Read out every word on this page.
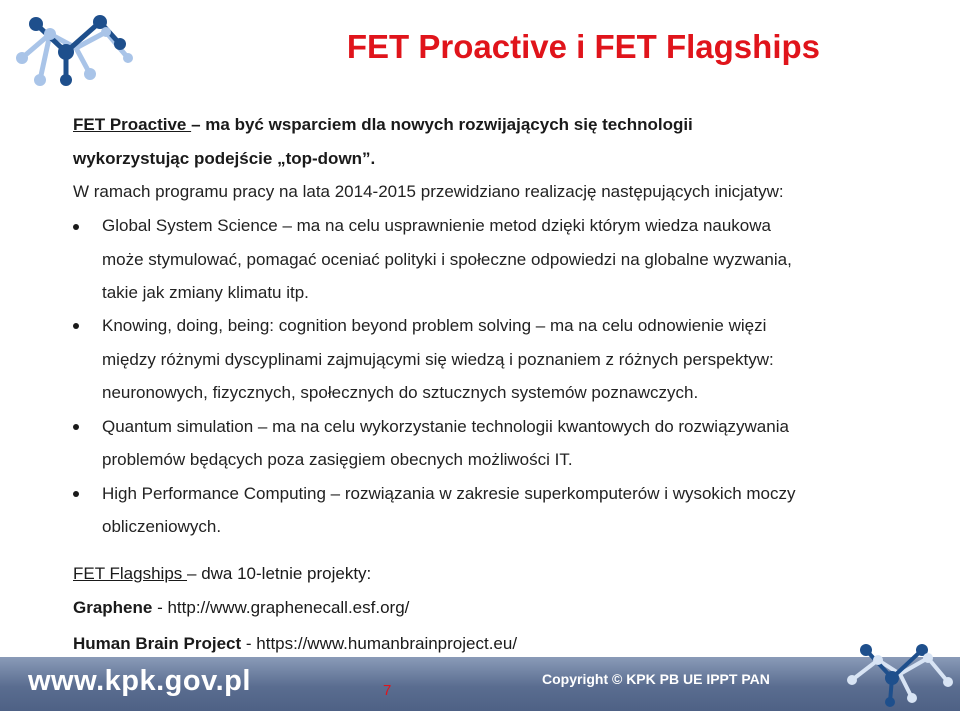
FET Proactive i FET Flagships
FET Proactive – ma być wsparciem dla nowych rozwijających się technologii
wykorzystując podejście „top-down”.
W ramach programu pracy na lata 2014-2015 przewidziano realizację następujących inicjatyw:
Global System Science – ma na celu usprawnienie metod dzięki którym wiedza naukowa
może stymulować, pomagać oceniać polityki i społeczne odpowiedzi na globalne wyzwania,
takie jak zmiany klimatu itp.
Knowing, doing, being: cognition beyond problem solving – ma na celu odnowienie więzi
między różnymi dyscyplinami zajmującymi się wiedzą i poznaniem z różnych perspektyw:
neuronowych, fizycznych, społecznych do sztucznych systemów poznawczych.
Quantum simulation – ma na celu wykorzystanie technologii kwantowych do rozwiązywania
problemów będących poza zasięgiem obecnych możliwości IT.
High Performance Computing – rozwiązania w zakresie superkomputerów i wysokich moczy
obliczeniowych.
FET Flagships – dwa 10-letnie projekty:
Graphene - http://www.graphenecall.esf.org/
Human Brain Project - https://www.humanbrainproject.eu/
www.kpk.gov.pl	7
Copyright © KPK PB UE IPPT PAN
